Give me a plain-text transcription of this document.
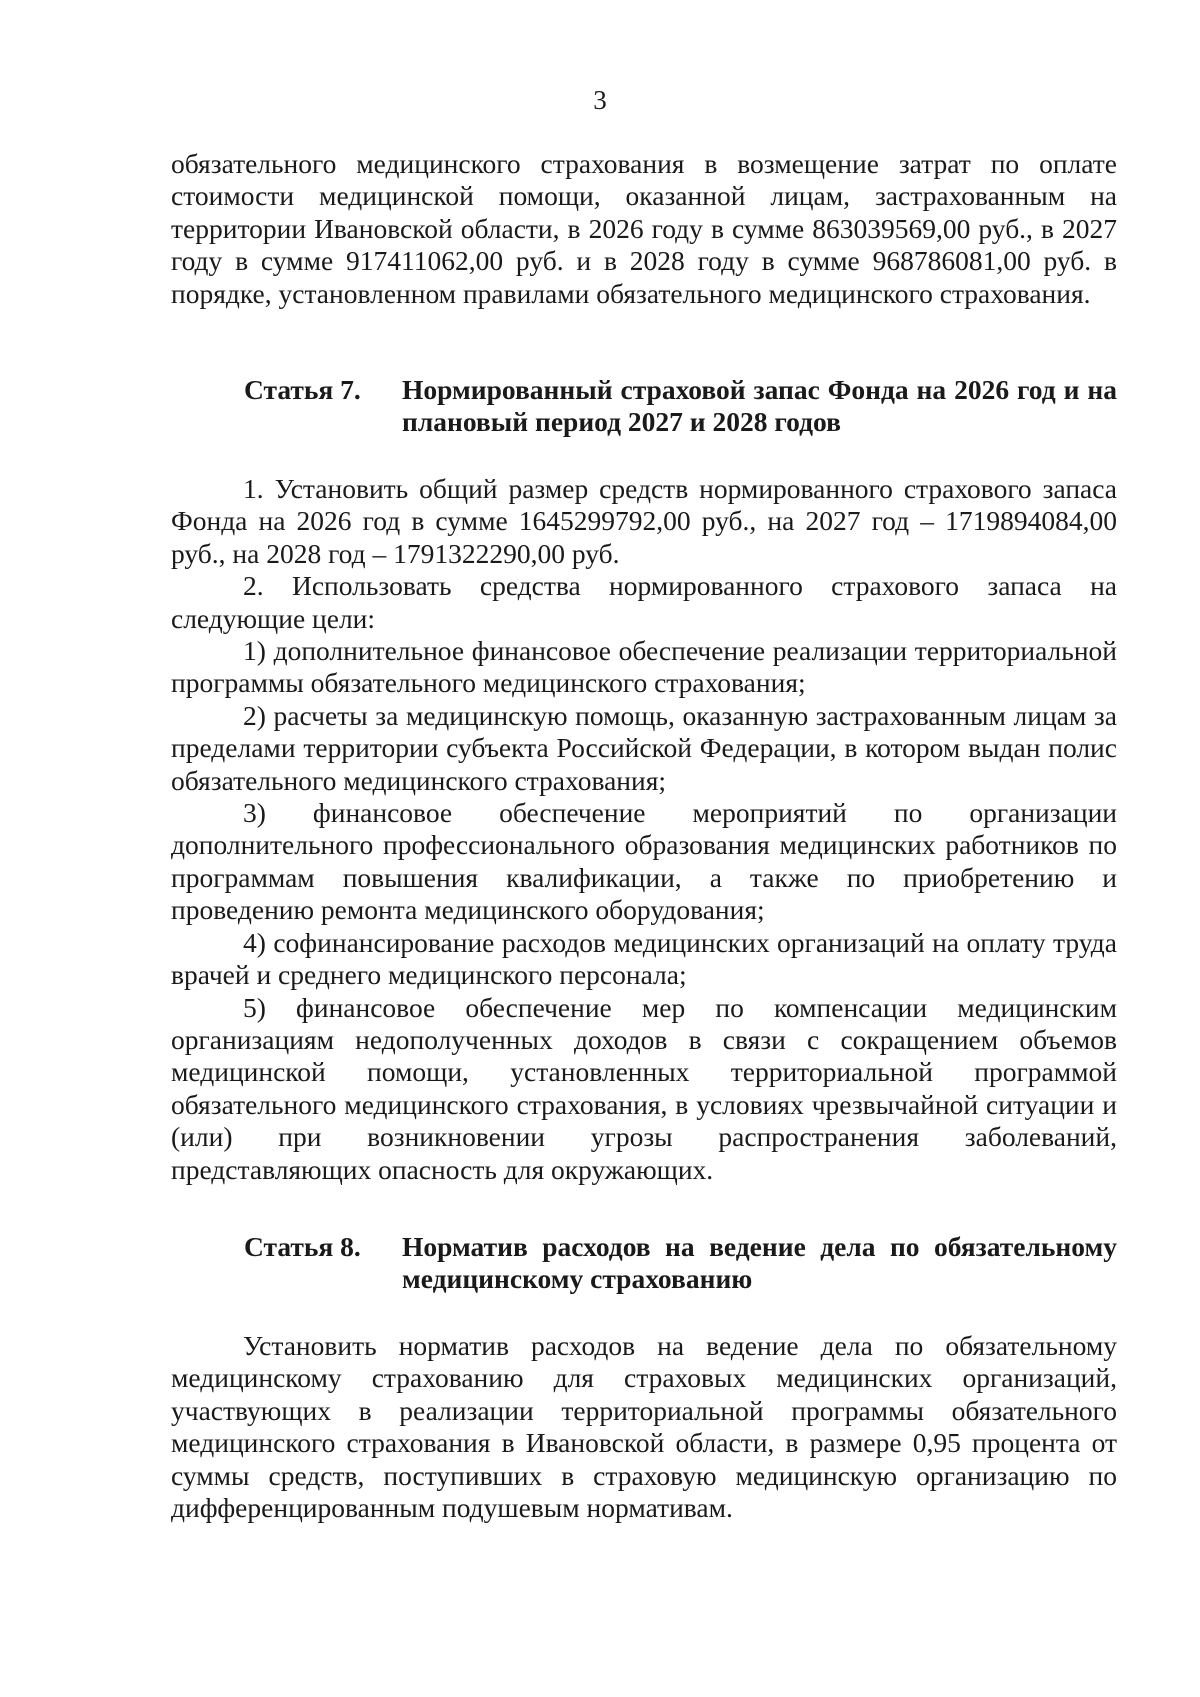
3

обязательного медицинского страхования в возмещение затрат по оплате стоимости медицинской помощи, оказанной лицам, застрахованным на территории Ивановской области, в 2026 году в сумме 863039569,00 руб., в 2027 году в сумме 917411062,00 руб. и в 2028 году в сумме 968786081,00 руб. в порядке, установленном правилами обязательного медицинского страхования.

Статья 7.	Нормированный страховой запас Фонда на 2026 год и на плановый период 2027 и 2028 годов

1. Установить общий размер средств нормированного страхового запаса Фонда на 2026 год в сумме 1645299792,00 руб., на 2027 год – 1719894084,00 руб., на 2028 год – 1791322290,00 руб.

2. Использовать средства нормированного страхового запаса на следующие цели:

1) дополнительное финансовое обеспечение реализации территориальной программы обязательного медицинского страхования;

2) расчеты за медицинскую помощь, оказанную застрахованным лицам за пределами территории субъекта Российской Федерации, в котором выдан полис обязательного медицинского страхования;

3) финансовое обеспечение мероприятий по организации дополнительного профессионального образования медицинских работников по программам повышения квалификации, а также по приобретению и проведению ремонта медицинского оборудования;

4) софинансирование расходов медицинских организаций на оплату труда врачей и среднего медицинского персонала;

5) финансовое обеспечение мер по компенсации медицинским организациям недополученных доходов в связи с сокращением объемов медицинской помощи, установленных территориальной программой обязательного медицинского страхования, в условиях чрезвычайной ситуации и (или) при возникновении угрозы распространения заболеваний, представляющих опасность для окружающих.

Статья 8.	Норматив расходов на ведение дела по обязательному медицинскому страхованию

Установить норматив расходов на ведение дела по обязательному медицинскому страхованию для страховых медицинских организаций, участвующих в реализации территориальной программы обязательного медицинского страхования в Ивановской области, в размере 0,95 процента от суммы средств, поступивших в страховую медицинскую организацию по дифференцированным подушевым нормативам.
